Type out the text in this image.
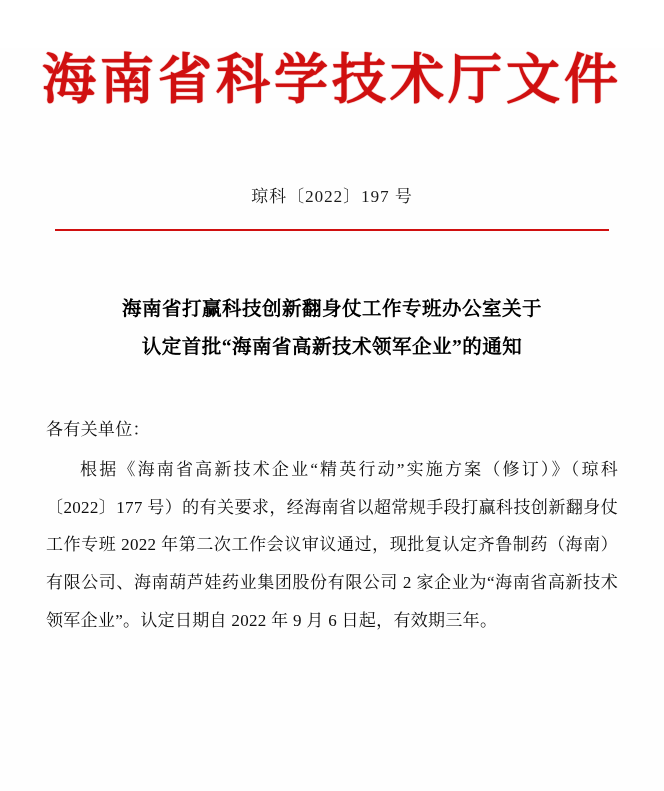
海南省科学技术厅文件
琼科〔2022〕197 号
海南省打赢科技创新翻身仗工作专班办公室关于
认定首批“海南省高新技术领军企业”的通知
各有关单位：
根据《海南省高新技术企业“精英行动”实施方案（修订）》（琼科〔2022〕177 号）的有关要求，经海南省以超常规手段打赢科技创新翻身仗工作专班 2022 年第二次工作会议审议通过，现批复认定齐鲁制药（海南）有限公司、海南葫芦娃药业集团股份有限公司 2 家企业为“海南省高新技术领军企业”。认定日期自 2022 年 9 月 6 日起，有效期三年。
